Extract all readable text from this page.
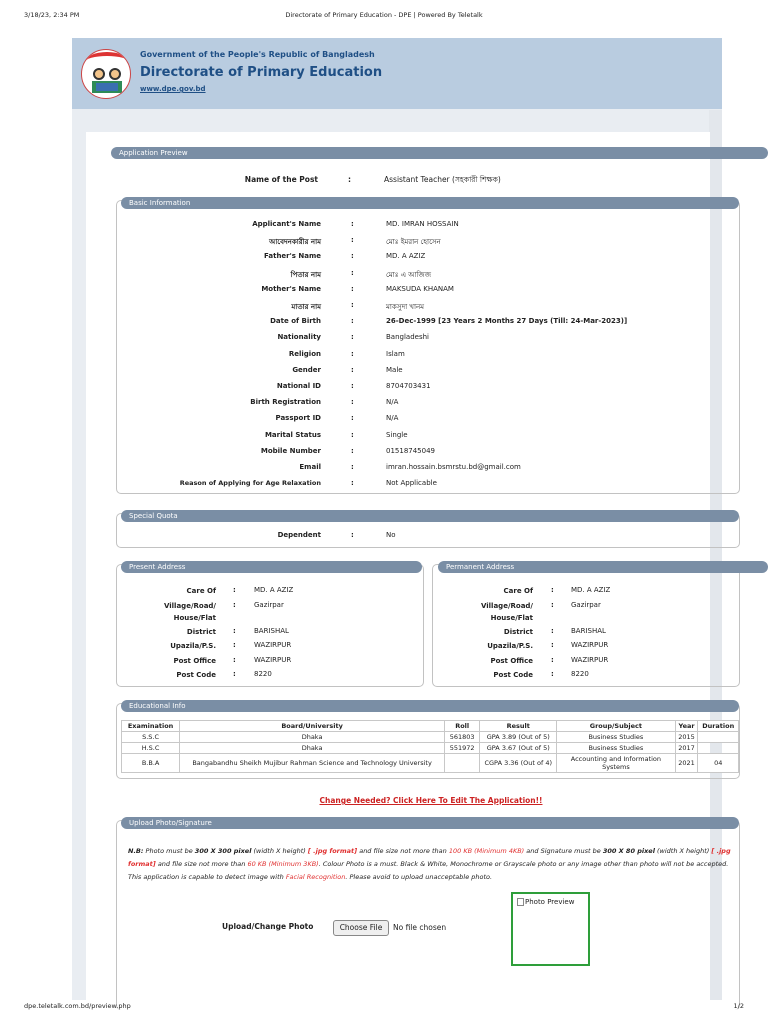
3/18/23, 2:34 PM	Directorate of Primary Education - DPE | Powered By Teletalk
Government of the People's Republic of Bangladesh
Directorate of Primary Education
www.dpe.gov.bd
Application Preview
Name of the Post	:	Assistant Teacher (সহকারী শিক্ষক)
Basic Information
Applicant's Name	:	MD. IMRAN HOSSAIN
আবেদনকারীর নাম	:	মোঃ ইমরান হোসেন
Father's Name	:	MD. A AZIZ
পিতার নাম	:	মোঃ এ আজিজ
Mother's Name	:	MAKSUDA KHANAM
মাতার নাম	:	মাকসুদা খানম
Date of Birth	:	26-Dec-1999 [23 Years 2 Months 27 Days (Till: 24-Mar-2023)]
Nationality	:	Bangladeshi
Religion	:	Islam
Gender	:	Male
National ID	:	8704703431
Birth Registration	:	N/A
Passport ID	:	N/A
Marital Status	:	Single
Mobile Number	:	01518745049
Email	:	imran.hossain.bsmrstu.bd@gmail.com
Reason of Applying for Age Relaxation	:	Not Applicable
Special Quota
Dependent	:	No
Present Address
Care Of :	MD. A AZIZ
Village/Road/
House/Flat
:	Gazirpar
District :	BARISHAL
Upazila/P.S. :	WAZIRPUR
Post Office :	WAZIRPUR
Post Code :	8220
Permanent Address
Care Of	: MD. A AZIZ
Village/Road/
House/Flat
: Gazirpar
District	: BARISHAL
Upazila/P.S.	: WAZIRPUR
Post Office	: WAZIRPUR
Post Code	: 8220
Educational Info
Examination	Board/University	Roll	Result	Group/Subject	Year	Duration
S.S.C	Dhaka	561803	GPA 3.89 (Out of 5)	Business Studies	2015	
H.S.C	Dhaka	551972	GPA 3.67 (Out of 5)	Business Studies	2017	
B.B.A	Bangabandhu Sheikh Mujibur Rahman Science and Technology University		CGPA 3.36 (Out of 4)	Accounting and Information Systems	2021	04
Change Needed? Click Here To Edit The Application!!
Upload Photo/Signature
N.B: Photo must be 300 X 300 pixel (width X height) [ .jpg format] and file size not more than 100 KB (Minimum 4KB) and Signature must be 300 X 80 pixel (width X height) [ .jpg format] and file size not more than 60 KB (Minimum 3KB). Colour Photo is a must. Black & White, Monochrome or Grayscale photo or any image other than photo will not be accepted. This application is capable to detect image with Facial Recognition. Please avoid to upload unacceptable photo.
Upload/Change Photo	Choose File	No file chosen
Photo Preview
dpe.teletalk.com.bd/preview.php	1/2
